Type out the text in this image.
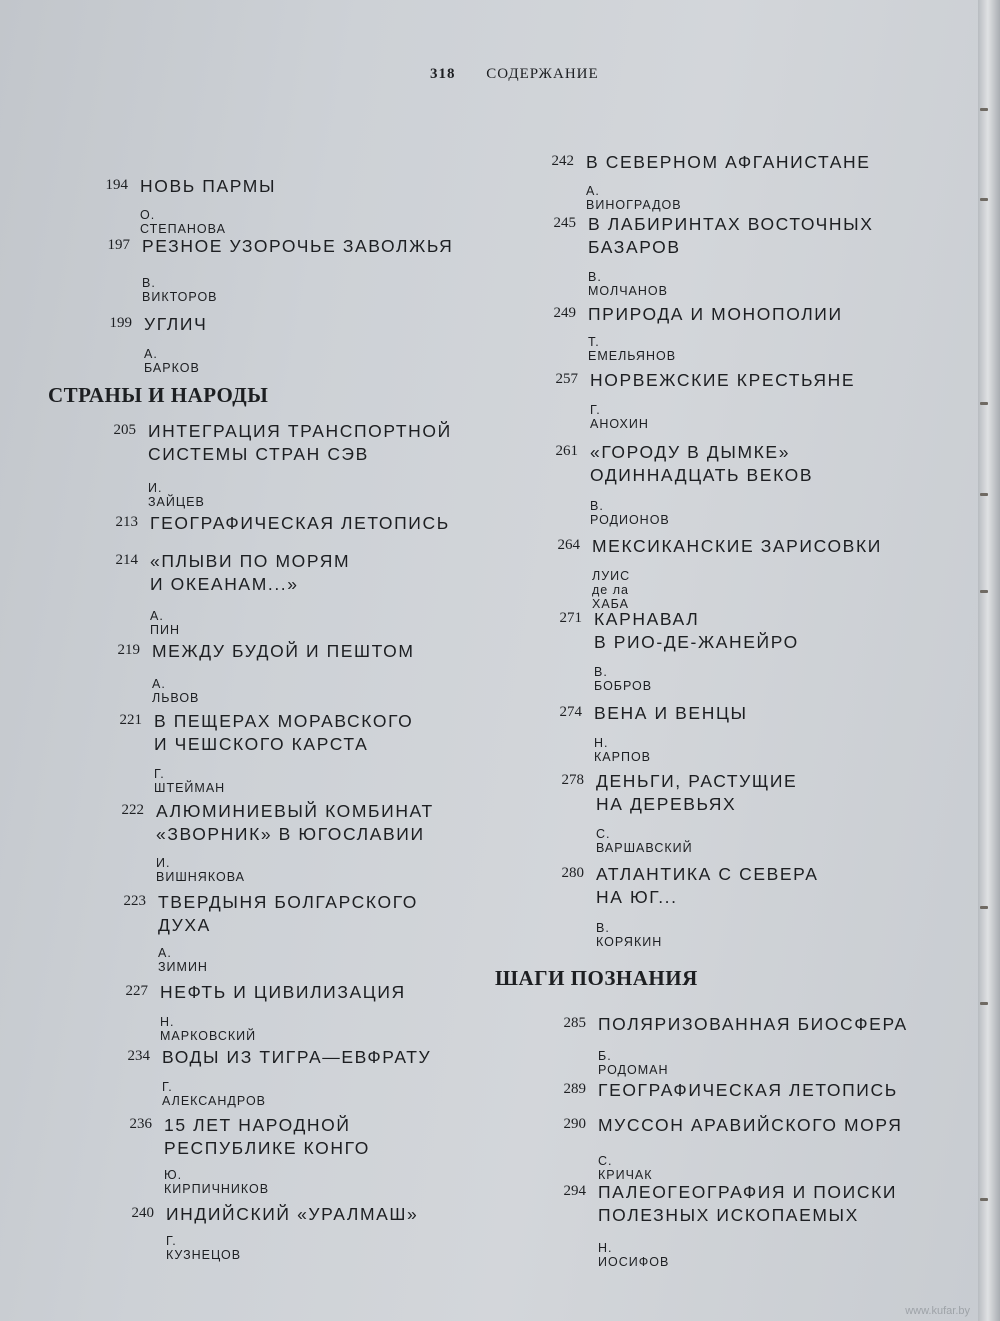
318 СОДЕРЖАНИЕ
СТРАНЫ И НАРОДЫ
ШАГИ ПОЗНАНИЯ
194 НОВЬ ПАРМЫ
О. СТЕПАНОВА
197 РЕЗНОЕ УЗОРОЧЬЕ ЗАВОЛЖЬЯ
В. ВИКТОРОВ
199 УГЛИЧ
А. БАРКОВ
205 ИНТЕГРАЦИЯ ТРАНСПОРТНОЙ
СИСТЕМЫ СТРАН СЭВ
И. ЗАЙЦЕВ
213 ГЕОГРАФИЧЕСКАЯ ЛЕТОПИСЬ
214 «ПЛЫВИ ПО МОРЯМ
И ОКЕАНАМ...»
А. ПИН
219 МЕЖДУ БУДОЙ И ПЕШТОМ
А. ЛЬВОВ
221 В ПЕЩЕРАХ МОРАВСКОГО
И ЧЕШСКОГО КАРСТА
Г. ШТЕЙМАН
222 АЛЮМИНИЕВЫЙ КОМБИНАТ
«ЗВОРНИК» В ЮГОСЛАВИИ
И. ВИШНЯКОВА
223 ТВЕРДЫНЯ БОЛГАРСКОГО
ДУХА
А. ЗИМИН
227 НЕФТЬ И ЦИВИЛИЗАЦИЯ
Н. МАРКОВСКИЙ
234 ВОДЫ ИЗ ТИГРА—ЕВФРАТУ
Г. АЛЕКСАНДРОВ
236 15 ЛЕТ НАРОДНОЙ
РЕСПУБЛИКЕ КОНГО
Ю. КИРПИЧНИКОВ
240 ИНДИЙСКИЙ «УРАЛМАШ»
Г. КУЗНЕЦОВ
242 В СЕВЕРНОМ АФГАНИСТАНЕ
А. ВИНОГРАДОВ
245 В ЛАБИРИНТАХ ВОСТОЧНЫХ
БАЗАРОВ
В. МОЛЧАНОВ
249 ПРИРОДА И МОНОПОЛИИ
Т. ЕМЕЛЬЯНОВ
257 НОРВЕЖСКИЕ КРЕСТЬЯНЕ
Г. АНОХИН
261 «ГОРОДУ В ДЫМКЕ»
ОДИННАДЦАТЬ ВЕКОВ
В. РОДИОНОВ
264 МЕКСИКАНСКИЕ ЗАРИСОВКИ
ЛУИС де ла ХАБА
271 КАРНАВАЛ
В РИО-ДЕ-ЖАНЕЙРО
В. БОБРОВ
274 ВЕНА И ВЕНЦЫ
Н. КАРПОВ
278 ДЕНЬГИ, РАСТУЩИЕ
НА ДЕРЕВЬЯХ
С. ВАРШАВСКИЙ
280 АТЛАНТИКА С СЕВЕРА
НА ЮГ...
В. КОРЯКИН
285 ПОЛЯРИЗОВАННАЯ БИОСФЕРА
Б. РОДОМАН
289 ГЕОГРАФИЧЕСКАЯ ЛЕТОПИСЬ
290 МУССОН АРАВИЙСКОГО МОРЯ
С. КРИЧАК
294 ПАЛЕОГЕОГРАФИЯ И ПОИСКИ
ПОЛЕЗНЫХ ИСКОПАЕМЫХ
Н. ИОСИФОВ
www.kufar.by
